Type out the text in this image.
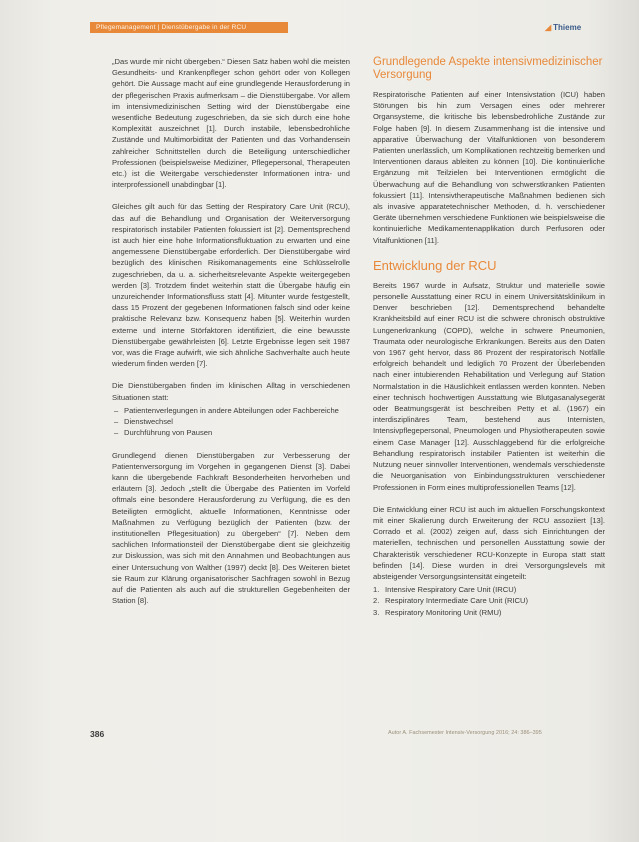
Pflegemanagement | Dienstübergabe in der RCU	◢ Thieme

„Das wurde mir nicht übergeben.“ Diesen Satz haben wohl die meisten Gesundheits- und Krankenpfleger schon gehört oder von Kollegen gehört. Die Aussage macht auf eine grundlegende Herausforderung in der pflegerischen Praxis aufmerksam – die Dienstübergabe. Vor allem im intensivmedizinischen Setting wird der Dienstübergabe eine wesentliche Bedeutung zugeschrieben, da sie sich durch eine hohe Komplexität auszeichnet [1]. Durch instabile, lebensbedrohliche Zustände und Multimorbidität der Patienten und das Vorhandensein zahlreicher Schnittstellen durch die Beteiligung unterschiedlicher Professionen (beispielsweise Mediziner, Pflegepersonal, Therapeuten etc.) ist die Weitergabe verschiedenster Informationen intra- und interprofessionell unabdingbar [1].

Gleiches gilt auch für das Setting der Respiratory Care Unit (RCU), das auf die Behandlung und Organisation der Weiterversorgung respiratorisch instabiler Patienten fokussiert ist [2]. Dementsprechend ist auch hier eine hohe Informationsfluktuation zu erwarten und eine angemessene Dienstübergabe erforderlich. Der Dienstübergabe wird bezüglich des klinischen Risikomanagements eine Schlüsselrolle zugeschrieben, da u. a. sicherheitsrelevante Aspekte weitergegeben werden [3]. Trotzdem findet weiterhin statt die Übergabe häufig ein unzureichender Informationsfluss statt [4]. Mitunter wurde festgestellt, dass 15 Prozent der gegebenen Informationen falsch sind oder keine praktische Relevanz bzw. Konsequenz haben [5]. Weiterhin wurden externe und interne Störfaktoren identifiziert, die eine bewusste Dienstübergabe gewährleisten [6]. Letzte Ergebnisse legen seit 1987 vor, was die Frage aufwirft, wie sich ähnliche Sachverhalte auch heute wiederum finden werden [7].

Die Dienstübergaben finden im klinischen Alltag in verschiedenen Situationen statt:

– Patientenverlegungen in andere Abteilungen oder Fachbereiche
– Dienstwechsel
– Durchführung von Pausen

Grundlegend dienen Dienstübergaben zur Verbesserung der Patientenversorgung im Vorgehen in gegangenen Dienst [3]. Dabei kann die übergebende Fachkraft Besonderheiten hervorheben und erläutern [3]. Jedoch „stellt die Übergabe des Patienten im Vorfeld oftmals eine besondere Herausforderung zu Verfügung, die es den Beteiligten ermöglicht, aktuelle Informationen, Kenntnisse oder Maßnahmen zu Verfügung bezüglich der Patienten (bzw. der institutionellen Pflegesituation) zu übergeben“ [7]. Neben dem sachlichen Informationsteil der Dienstübergabe dient sie gleichzeitig zur Diskussion, was sich mit den Annahmen und Beobachtungen aus einer Untersuchung von Walther (1997) deckt [8]. Des Weiteren bietet sie Raum zur Klärung organisatorischer Sachfragen sowohl in Bezug auf die Patienten als auch auf die strukturellen Gegebenheiten der Station [8].

Grundlegende Aspekte intensivmedizinischer Versorgung

Respiratorische Patienten auf einer Intensivstation (ICU) haben Störungen bis hin zum Versagen eines oder mehrerer Organsysteme, die kritische bis lebensbedrohliche Zustände zur Folge haben [9]. In diesem Zusammenhang ist die intensive und apparative Überwachung der Vitalfunktionen von besonderem Patienten unerlässlich, um Komplikationen rechtzeitig bemerken und Interventionen daraus ableiten zu können [10]. Die kontinuierliche Ergänzung mit Teilzielen bei Interventionen ermöglicht die Überwachung auf die Behandlung von schwerstkranken Patienten fokussiert [11]. Intensivtherapeutische Maßnahmen bedienen sich als invasive apparatetechnischer Methoden, d. h. verschiedener Geräte übernehmen verschiedene Funktionen wie beispielsweise die kontinuierliche Medikamentenapplikation durch Perfusoren oder Vitalfunktionen [11].

Entwicklung der RCU

Bereits 1967 wurde in Aufsatz, Struktur und materielle sowie personelle Ausstattung einer RCU in einem Universitätsklinikum in Denver beschrieben [12]. Dementsprechend behandelte Krankheitsbild auf einer RCU ist die schwere chronisch obstruktive Lungenerkrankung (COPD), welche in schwere Pneumonien, Traumata oder neurologische Erkrankungen. Bereits aus den Daten von 1967 geht hervor, dass 86 Prozent der respiratorisch Notfälle erfolgreich behandelt und lediglich 70 Prozent der Überlebenden nach einer intubierenden Rehabilitation und Verlegung auf Station Normalstation in die Häuslichkeit entlassen werden konnten. Neben einer technisch hochwertigen Ausstattung wie Blutgasanalysegerät oder Beatmungsgerät ist beschreiben Petty et al. (1967) ein interdisziplinäres Team, bestehend aus Internisten, Intensivpflegepersonal, Pneumologen und Physiotherapeuten sowie einem Case Manager [12]. Ausschlaggebend für die erfolgreiche Behandlung respiratorisch instabiler Patienten ist weiterhin die Nutzung neuer sinnvoller Interventionen, wendemals verschiedenste die Neuorganisation von Einbindungsstrukturen verschiedener Professionen in Form eines multiprofessionellen Teams [12].

Die Entwicklung einer RCU ist auch im aktuellen Forschungskontext mit einer Skalierung durch Erweiterung der RCU assoziiert [13]. Corrado et al. (2002) zeigen auf, dass sich Einrichtungen der materiellen, technischen und personellen Ausstattung sowie der Charakteristik verschiedener RCU-Konzepte in Europa statt statt befinden [14]. Diese wurden in drei Versorgungslevels mit absteigender Versorgungsintensität eingeteilt:

1. Intensive Respiratory Care Unit (IRCU)
2. Respiratory Intermediate Care Unit (RICU)
3. Respiratory Monitoring Unit (RMU)
386	Autor A. Fachsemester Intensiv-Versorgung 2016; 24: 386–395
